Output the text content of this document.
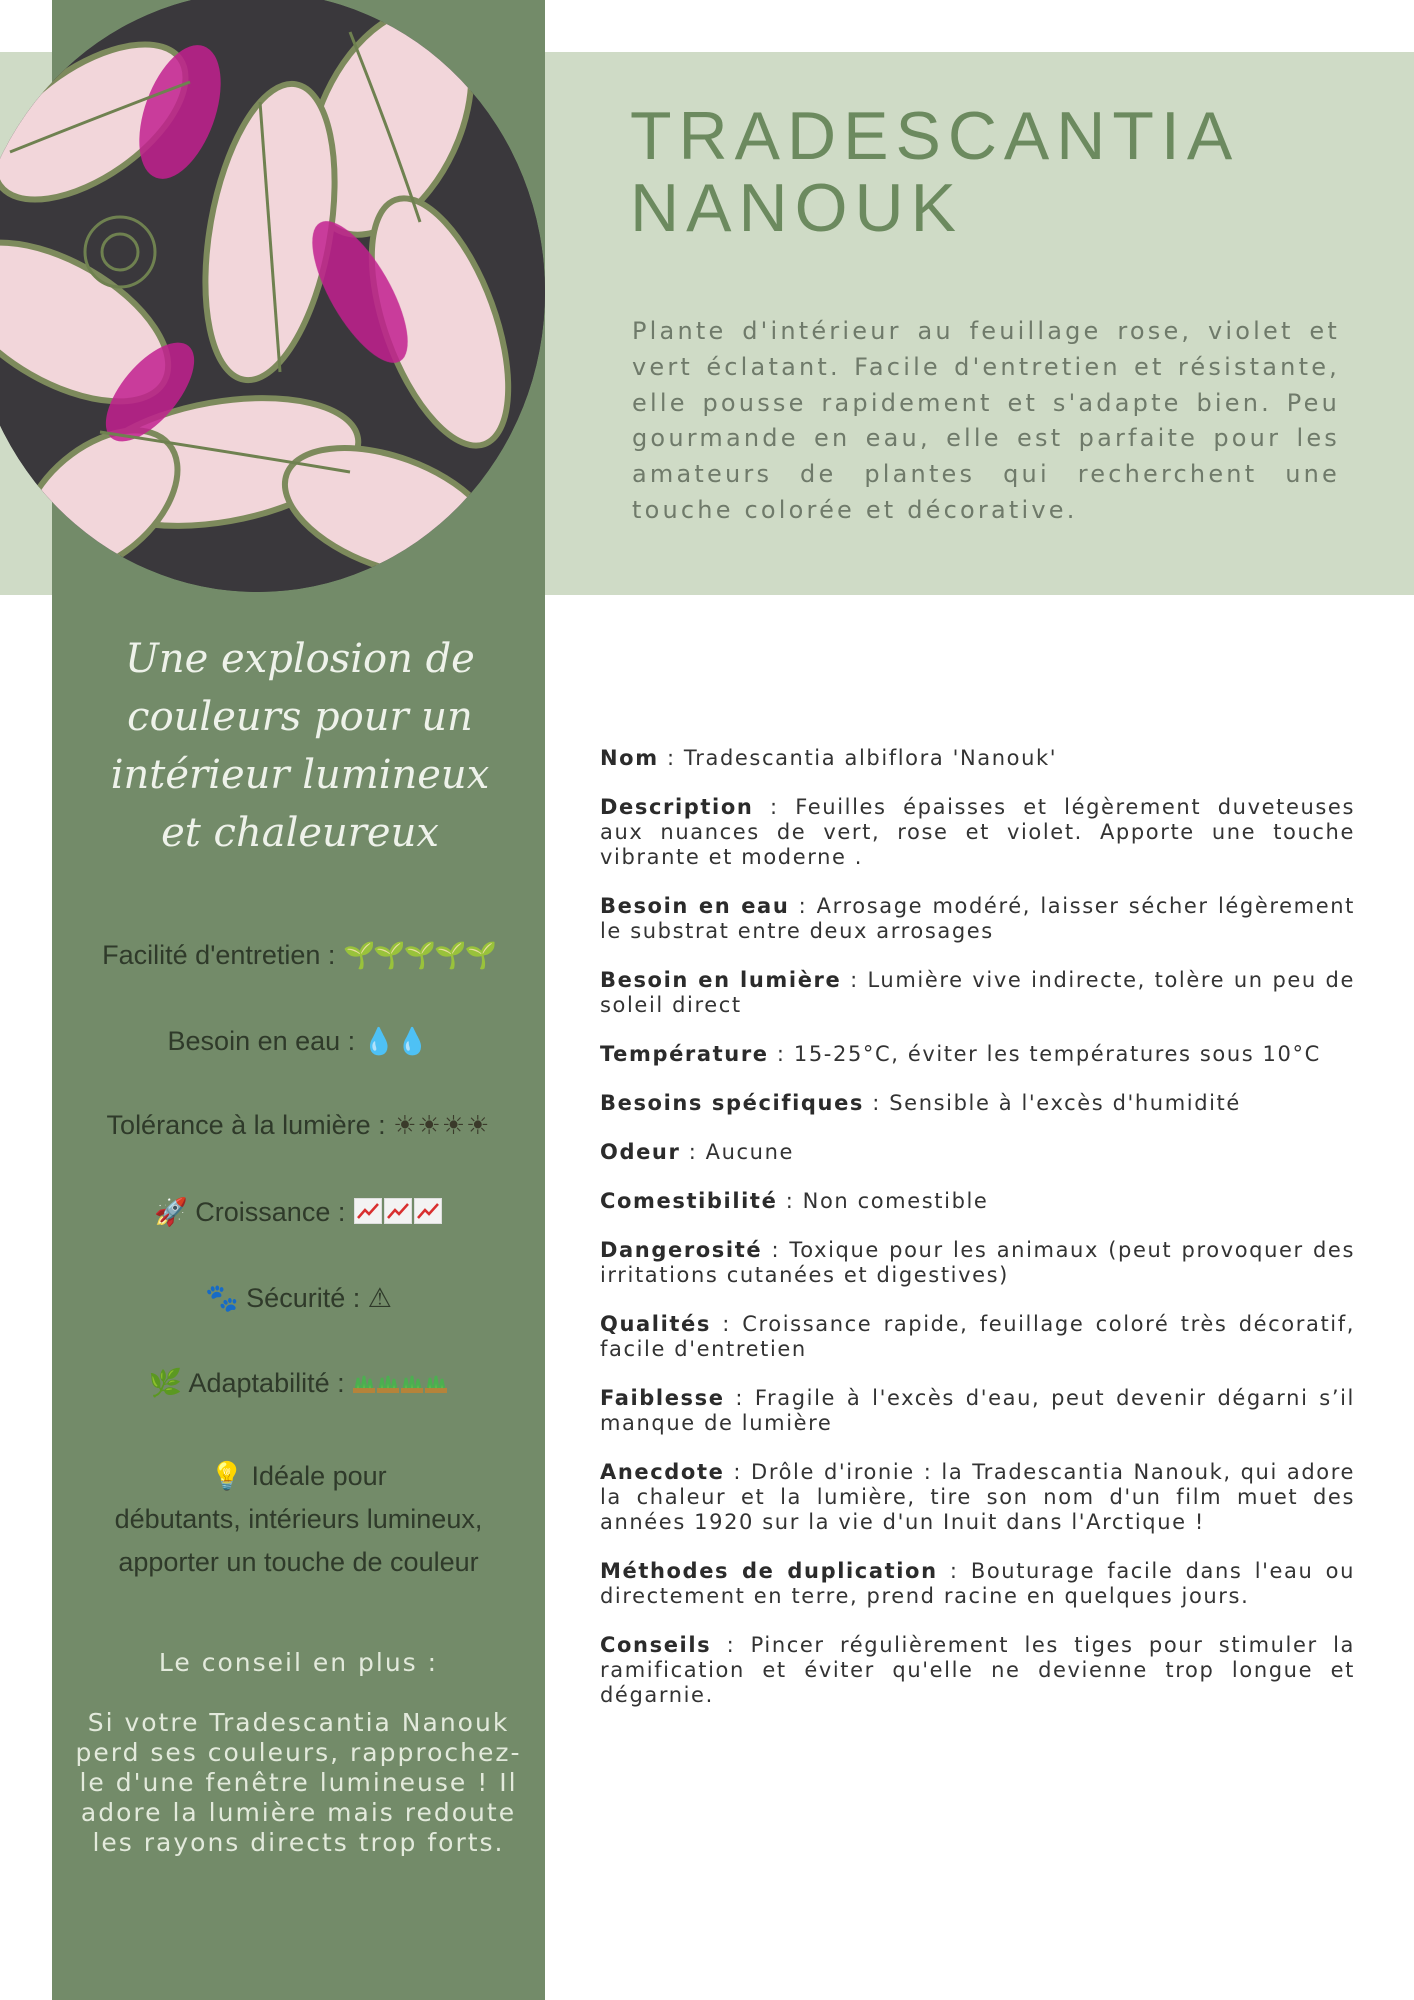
TRADESCANTIA
NANOUK

Plante d'intérieur au feuillage rose, violet et vert éclatant. Facile d'entretien et résistante, elle pousse rapidement et s'adapte bien. Peu gourmande en eau, elle est parfaite pour les amateurs de plantes qui recherchent une touche colorée et décorative.

Une explosion de couleurs pour un intérieur lumineux et chaleureux
Facilité d'entretien : 🌱🌱🌱🌱🌱
Besoin en eau : 💧💧
Tolérance à la lumière : ☀☀☀☀
🚀 Croissance :
🐾 Sécurité : ⚠
🌿 Adaptabilité :
💡 Idéale pour
débutants, intérieurs lumineux,
apporter un touche de couleur
Le conseil en plus :
Si votre Tradescantia Nanouk perd ses couleurs, rapprochez-le d'une fenêtre lumineuse ! Il adore la lumière mais redoute les rayons directs trop forts.

Nom : Tradescantia albiflora 'Nanouk'

Description : Feuilles épaisses et légèrement duveteuses aux nuances de vert, rose et violet. Apporte une touche vibrante et moderne .

Besoin en eau : Arrosage modéré, laisser sécher légèrement le substrat entre deux arrosages

Besoin en lumière : Lumière vive indirecte, tolère un peu de soleil direct

Température : 15-25°C, éviter les températures sous 10°C

Besoins spécifiques : Sensible à l'excès d'humidité

Odeur : Aucune

Comestibilité : Non comestible

Dangerosité : Toxique pour les animaux (peut provoquer des irritations cutanées et digestives)

Qualités : Croissance rapide, feuillage coloré très décoratif, facile d'entretien

Faiblesse : Fragile à l'excès d'eau, peut devenir dégarni s’il manque de lumière

Anecdote : Drôle d'ironie : la Tradescantia Nanouk, qui adore la chaleur et la lumière, tire son nom d'un film muet des années 1920 sur la vie d'un Inuit dans l'Arctique !

Méthodes de duplication : Bouturage facile dans l'eau ou directement en terre, prend racine en quelques jours.

Conseils : Pincer régulièrement les tiges pour stimuler la ramification et éviter qu'elle ne devienne trop longue et dégarnie.
